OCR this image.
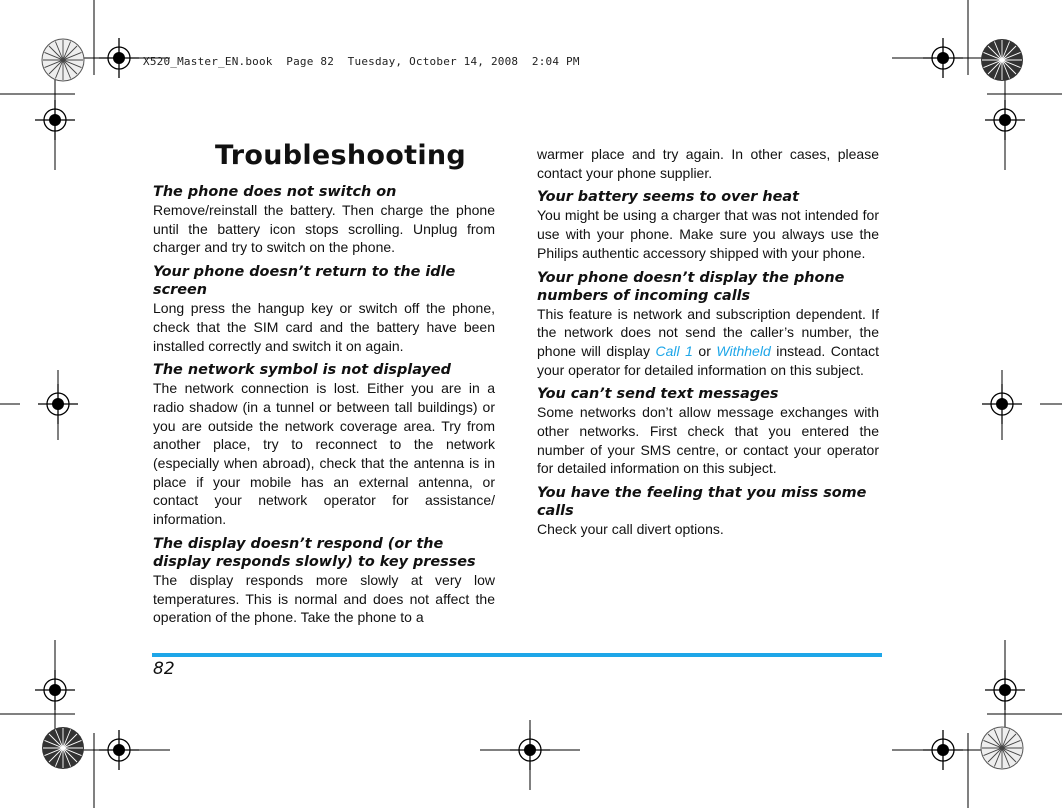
X520_Master_EN.book  Page 82  Tuesday, October 14, 2008  2:04 PM
Troubleshooting

The phone does not switch on

Remove/reinstall the battery. Then charge the phone until the battery icon stops scrolling. Unplug from charger and try to switch on the phone.

Your phone doesn’t return to the idle screen

Long press the hangup key or switch off the phone, check that the SIM card and the battery have been installed correctly and switch it on again.

The network symbol is not displayed

The network connection is lost. Either you are in a radio shadow (in a tunnel or between tall buildings) or you are outside the network coverage area. Try from another place, try to reconnect to the network (especially when abroad), check that the antenna is in place if your mobile has an external antenna, or contact your network operator for assistance/ information.

The display doesn’t respond (or the display responds slowly) to key presses

The display responds more slowly at very low temperatures. This is normal and does not affect the operation of the phone. Take the phone to a

warmer place and try again. In other cases, please contact your phone supplier.

Your battery seems to over heat

You might be using a charger that was not intended for use with your phone. Make sure you always use the Philips authentic accessory shipped with your phone.

Your phone doesn’t display the phone numbers of incoming calls

This feature is network and subscription dependent. If the network does not send the caller’s number, the phone will display Call 1 or Withheld instead. Contact your operator for detailed information on this subject.

You can’t send text messages

Some networks don’t allow message exchanges with other networks. First check that you entered the number of your SMS centre, or contact your operator for detailed information on this subject.

You have the feeling that you miss some calls

Check your call divert options.

82
